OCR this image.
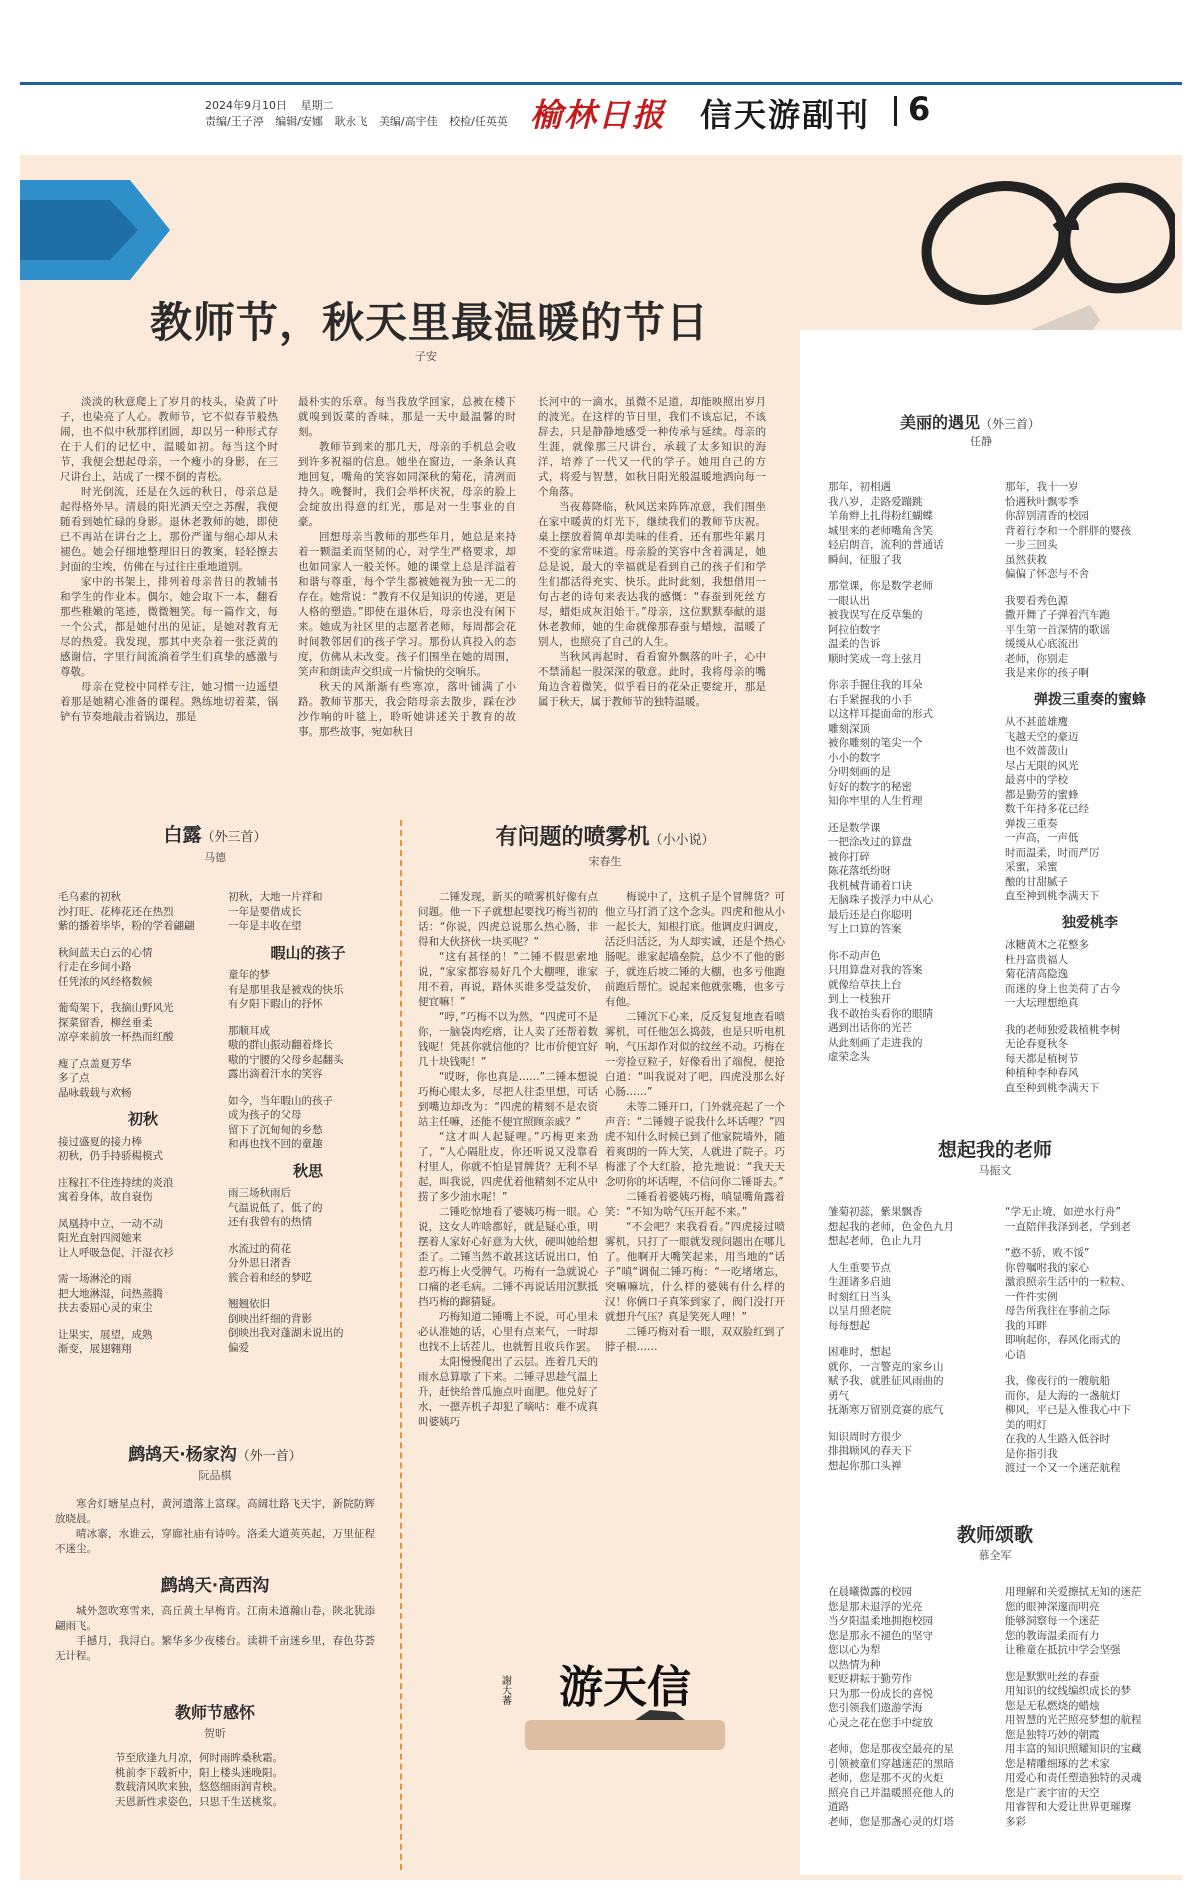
2024年9月10日 星期二
责编/王子渟 编辑/安娜 耿永飞 美编/高宇佳 校检/任英英 榆林日报 信天游副刊 6
教师节，秋天里最温暖的节日
子安

淡淡的秋意爬上了岁月的枝头，染黄了叶子，也染亮了人心。教师节，它不似春节般热闹，也不似中秋那样团圆，却以另一种形式存在于人们的记忆中，温暖如初。每当这个时节，我便会想起母亲，一个瘦小的身影，在三尺讲台上，站成了一棵不倒的青松。

时光倒流，还是在久远的秋日，母亲总是起得格外早。清晨的阳光洒天空之苏醒，我便随看到她忙碌的身影。退休老教师的她，即使已不再站在讲台之上，那份严谨与细心却从未褪色。她会仔细地整理旧日的教案，轻轻擦去封面的尘埃，仿佛在与过往庄重地道别。

家中的书架上，排列着母亲昔日的教辅书和学生的作业本。偶尔，她会取下一本，翻看那些稚嫩的笔迹，微微翘笑。每一篇作文，每一个公式，都是她付出的见证，是她对教育无尽的热爱。我发现，那其中夹杂着一张泛黄的感谢信，字里行间流淌着学生们真挚的感激与尊敬。

母亲在党校中同样专注，她习惯一边遥望着那是她精心准备的课程。熟练地切着菜，锅铲有节奏地敲击着锅边，那是

最朴实的乐章。每当我放学回家，总被在楼下就嗅到饭菜的香味，那是一天中最温馨的时刻。

教师节到来的那几天，母亲的手机总会收到许多祝福的信息。她坐在窗边，一条条认真地回复，嘴角的笑容如同深秋的菊花，清冽而持久。晚餐时，我们会举杯庆祝，母亲的脸上会绽放出得意的红光，那是对一生事业的自豪。

回想母亲当教师的那些年月，她总是来持着一颗温柔而坚韧的心，对学生严格要求，却也如同家人一般关怀。她的课堂上总是洋溢着和谐与尊重，每个学生都被她视为独一无二的存在。她常说：“教育不仅是知识的传递，更是人格的塑造。”即使在退休后，母亲也没有闲下来。她成为社区里的志愿者老师，每周都会花时间教邻居们的孩子学习。那份认真投入的态度，仿佛从未改变。孩子们围坐在她的周围，笑声和朗读声交织成一片愉快的交响乐。

秋天的风渐渐有些寒凉，落叶铺满了小路。教师节那天，我会陪母亲去散步，踩在沙沙作响的叶毯上，聆听她讲述关于教育的故事。那些故事，宛如秋日

长河中的一滴水，虽微不足道，却能映照出岁月的波光。在这样的节日里，我们不该忘记，不该辞去，只是静静地感受一种传承与延续。母亲的生涯，就像那三尺讲台，承载了太多知识的海洋，培养了一代又一代的学子。她用自己的方式，将爱与智慧，如秋日阳光般温暖地洒向每一个角落。

当夜幕降临，秋风送来阵阵凉意，我们围坐在家中暖黄的灯光下，继续我们的教师节庆祝。桌上摆放着简单却美味的佳肴，还有那些年累月不变的家常味道。母亲脸的笑容中含着满足，她总是说，最大的幸福就是看到自己的孩子们和学生们都活得充实、快乐。此时此刻，我想借用一句古老的诗句来表达我的感慨：“春蚕到死丝方尽，蜡炬成灰泪始干。”母亲，这位默默奉献的退休老教师，她的生命就像那春蚕与蜡烛，温暖了别人，也照亮了自己的人生。

当秋风再起时，看看窗外飘落的叶子，心中不禁涌起一股深深的敬意。此时，我将母亲的嘴角边含着微笑，似乎看日的花朵正要绽开，那是属于秋天，属于教师节的独特温暖。

白露（外三首）
马德
毛乌素的初秋
沙打旺、花棒花还在热烈
紫的播着毕毕，粉的学着翩翩
秋间蓝天白云的心情
行走在乡间小路
任凭浓的风经格数候
葡萄架下，我摘山野风光
探菜留香，柳丝垂柔
凉亭来前放一杯热而红酸
瘦了点盖夏芳华
多了点
晶咏载载与欢畅
初秋
接过盛夏的接力棒
初秋，仍手持骄楊模式
庄稼扛不住连持续的炎浪
寓着身体，故自衰伤
凤凰持中立，一动不动
阳光直射四阅她来
让人呼吸急促，汗湿衣衫
需一场淋沦的雨
把大地淋湿，问热蒸腾
扶去委屈心灵的束尘
让果实，展望，成熟
渐变，展翅翱翔
初秋，大地一片祥和
一年是要借成长
一年是丰收在望
暇山的孩子
童年的梦
有是那里我是被戏的快乐
有夕阳下暇山的抒怀
那顺耳成
嗷的群山振动翻着烽长
嗷的宁腰的父母乡起翻头
露出滴着汗水的笑容
如今，当年暇山的孩子
成为孩子的父母
留下了沉甸甸的乡愁
和再也找不回的童趣
秋思
雨三场秋雨后
气温说低了，低了的
还有我曾有的热情
水流过的荷花
分外思日渚香
簇合着和经的梦呓
翘翘依旧
倒映出纤细的背影
倒映出我对蓬湖未说出的
偏爱
有问题的喷雾机（小小说）
宋春生

二锤发现，新买的喷雾机好像有点问题。他一下子就想起要找巧梅当初的话：“你说，四虎总说那么热心肠，非得和大伙挤伙一块买呢？”

“这有甚怪的！”二锤不假思索地说，“家家都容易好几个大棚哩，谁家用不着，再说，路休买谁多受益发价，便宜嘛！”

“哼，”巧梅不以为然，“四虎可不是你，一脑袋肉疙瘩，让人卖了还帮着数钱呢！凭甚你就信他的？比市价便宜好几十块钱呢！”

“哎呀，你也真是……”二锤本想说巧梅心眼太多，尽把人往歪里想，可话到嘴边却改为：“四虎的精刻不是农资站主任嘛，还能不便宜照顾亲戚？”

“这才叫人起疑哩。”巧梅更来劲了，“人心隔肚皮，你还听说又没靠看村里人，你就不怕是冒牌货？无利不早起，叫我说，四虎优着他精刻不定从中捞了多少油水呢！”

二锤吃惊地看了婆姨巧梅一眼。心说，这女人咋啥都好，就是疑心重，明摆着人家好心好意为大伙，硬叫她给想歪了。二锤当然不敢甚这话说出口，怕惹巧梅上火受脾气。巧梅有一急就说心口痛的老毛病。二锤不再说话用沉默抵挡巧梅的蹿猜疑。

巧梅知道二锤嘴上不说，可心里未必认准她的话，心里有点来气，一时却也找不上话茬儿，也就暂且收兵作罢。

太阳慢慢爬出了云层。连着几天的雨水总算歇了下来。二锤寻思趁气温上升，赶快给普瓜施点叶面肥。他兑好了水，一摁弄机子却犯了嘀咕：难不成真叫婆姨巧

梅说中了，这机子是个冒牌货？可他立马打消了这个念头。四虎和他从小一起长大，知根打底。他调皮归调皮，活泛归活泛，为人却实诚，还是个热心肠呢。谁家起墙垒院，总少不了他的影子，就连后坡二锤的大棚，也多亏他跑前跑后帮忙。说起来他就张嘴，也多亏有他。

二锤沉下心来，反反复复地查看喷雾机，可任他怎么捣鼓，也是只听电机响，气压却作对似的纹丝不动。巧梅在一旁捡豆粒子，好像看出了端倪，便抢白道：“叫我说对了吧，四虎没那么好心肠……”

未等二锤开口，门外就亮起了一个声音：“二锤嫂子说我什么坏话哩？”四虎不知什么时候已到了他家院墙外，随着爽朗的一阵大笑，人就进了院子。巧梅涨了个大红脸，抢先地说：“我天天念叨你的坏话哩，不信问你二锤哥去。”

二锤看着婆姨巧梅，嗔显嘴角露着笑：“不知为啥气压开起不来。”

“不会吧？来我看看。”四虎接过喷雾机，只打了一眼就发现问题出在哪儿了。他啊开大嘴笑起来，用当地的“话子”嗔“调侃二锤巧梅：“一吃堵堵忘，突嘛嘛坑，什么样的婆姨有什么样的汉！你俩口子真笨到家了，阀门没打开就想升气压？真是笑死人哩！”

二锤巧梅对看一眼，双双脸红到了脖子根……

鹧鸪天·杨家沟（外一首）
阮品棋

寒舍灯塘星点村，黄河遗落上富琛。高阔壮路飞天宇，新院防辉放晓晨。

晴冰寨，水谁云，穿廊社庙有诗吟。洛柔大道英英起，万里征程不迷尘。

鹧鸪天·高西沟

城外忽吹寒雪来，高丘黄土早梅肯。江南未道瀚山卷，陕北犹添翩雨飞。

手撼月，我浔白。繁华多少夜楼台。读耕千亩迷乡里，春色芬荟无计程。

教师节感怀
贺昕
节至欣逢九月凉，何时雨眸桑秋霜。
桃前李下载祈中，阳上楼头迷晚阳。
数载清风吹来独，悠悠细雨润青秧。
天恩新性求姿色，只思千生送桃浆。
游天信
謝大蕃
美丽的遇见（外三首）
任静
那年，初相遇
我八岁，走路爱蹦跳
羊角辫上扎得粉红蝴蝶
城里来的老师嘴角含笑
轻启朗音，流利的普通话
瞬间，征服了我
那堂课，你是数学老师
一眼认出
被我误写在反草集的
阿拉伯数字
温柔的告诉
顺时笑成一弯上弦月
你亲手握住我的耳朵
右手紧握我的小手
以这样耳提面命的形式
雕刻深顶
被你雕刻的笔尖一个
小小的数字
分明刻画的是
好好的数字的秘密
知你牢里的人生哲理
还是数学课
一把涂改过的算盘
被你打碎
陈花落纸纷呀
我机械背诵着口诀
无脑珠子拨浮力中从心
最后还是白你聪明
写上口算的答案
你不动声色
只用算盘对我的答案
就像给草扶上台
到上一枝独开
我不敢抬头看你的眼睛
遇到出话你的光芒
从此刻画了走进我的
虚荣念头
那年，我十一岁
恰遇秋叶飘零季
你辞别清香的校园
背着行李和一个胖胖的婴孩
一步三回头
虽然获救
偏偏了怀恋与不舍
我要看秀色源
撒开舞了子弹着汽车跑
平生第一首深情的歌谣
缓缓从心底流出
老师，你别走
我是来你的孩子啊
弹拨三重奏的蜜蜂
从不甚蓝雄鹰
飞越天空的豪迈
也不效蔷菠山
尽占无限的风光
最喜中的学校
都是勤劳的蜜蜂
数千年持多花已经
弹拨三重奏
一声高，一声低
时而温柔，时而严厉
采蜜，采蜜
酿的甘甜腻子
直至神到桃李满天下
独爱桃李
冰糖黄木之花整多
杜丹富贵福人
菊花清高隐逸
而迷的身上也美荷了古今
一大坛理想绝真
我的老师独爱栽植桃李树
无论春夏秋冬
每天都是植树节
种植种李种春风
直至种到桃李满天下
想起我的老师
马振文
雏菊初蕊，紫果飘香
想起我的老师，色金色九月
想起老师，色止九月
人生重要节点
生涯诸多启迪
时刻红日当头
以呈月照老院
每每想起
困难时，想起
就你，一言警克的家乡山
赋予我，就胜征风雨曲的
勇气
抚渐寒万留别竞赛的底气
知识周时方很少
排揖顾风的春天下
想起你那口头禅
“学无止境，如逆水行舟”
一直陪伴我泽到老，学到老
“憨不骄，败不馁”
你曾嘱咐我的家心
激浪照亲生活中的一粒粒、
一件件实例
母告所我往在事前之际
我的耳畔
即响起你，春风化雨式的
心语
我，像夜行的一艘航船
而你，是大海的一盏航灯
柳风，平已是入惟我心中下
美的明灯
在我的人生路入低谷时
是你指引我
渡过一个又一个迷茫航程
教师颂歌
慕全军
在晨曦微露的校园
您是那未退浮的光亮
当夕阳温柔地拥抱校园
您是那永不褪色的坚守
您以心为犁
以热情为种
贬贬耕耘于勤劳作
只为那一份成长的喜悦
您引领我们遨游学海
心灵之花在您手中绽放
老师，您是那夜空最亮的星
引领被童们穿越迷茫的黑暗
老师，您是那不灭的火炬
照亮自己并温暖照亮他人的
道路
老师，您是那盏心灵的灯塔
用理解和关爱擦拭无知的迷茫
您的眼神深邃而明亮
能够洞察每一个迷茫
您的教诲温柔而有力
让稚童在抵抗中学会坚强
您是默默吐丝的春蚕
用知识的纹线编织成长的梦
您是无私燃烧的蜡烛
用智慧的光芒照亮梦想的航程
您是独特巧妙的朝霞
用丰富的知识照耀知识的宝藏
您是精雕细琢的艺术家
用爱心和责任塑造独特的灵魂
您是广袤宇宙的天空
用睿智和大爱让世界更璀璨
多彩
